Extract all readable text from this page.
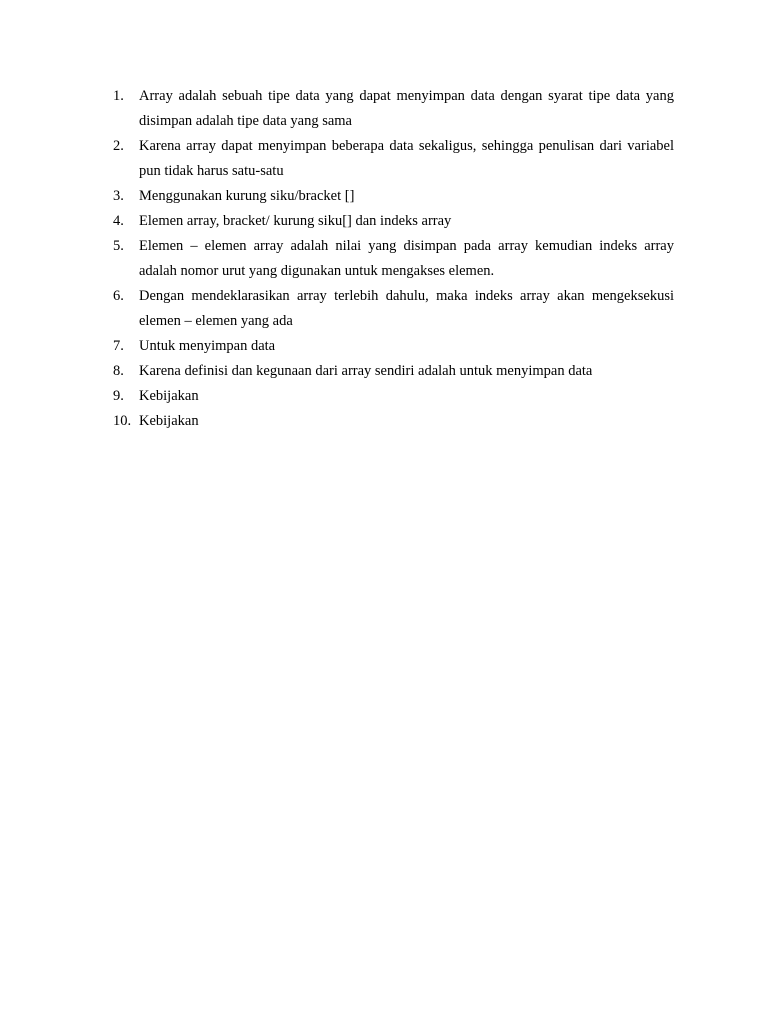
1.	Array adalah sebuah tipe data yang dapat menyimpan data dengan syarat tipe data yang disimpan adalah tipe data yang sama
2.	Karena array dapat menyimpan beberapa data sekaligus, sehingga penulisan dari variabel pun tidak harus satu-satu
3.	Menggunakan kurung siku/bracket []
4.	Elemen array, bracket/ kurung siku[] dan indeks array
5.	Elemen – elemen array adalah nilai yang disimpan pada array kemudian indeks array adalah nomor urut yang digunakan untuk mengakses elemen.
6.	Dengan mendeklarasikan array terlebih dahulu, maka indeks array akan mengeksekusi elemen – elemen yang ada
7.	Untuk menyimpan data
8.	Karena definisi dan kegunaan dari array sendiri adalah untuk menyimpan data
9.	Kebijakan
10. Kebijakan
